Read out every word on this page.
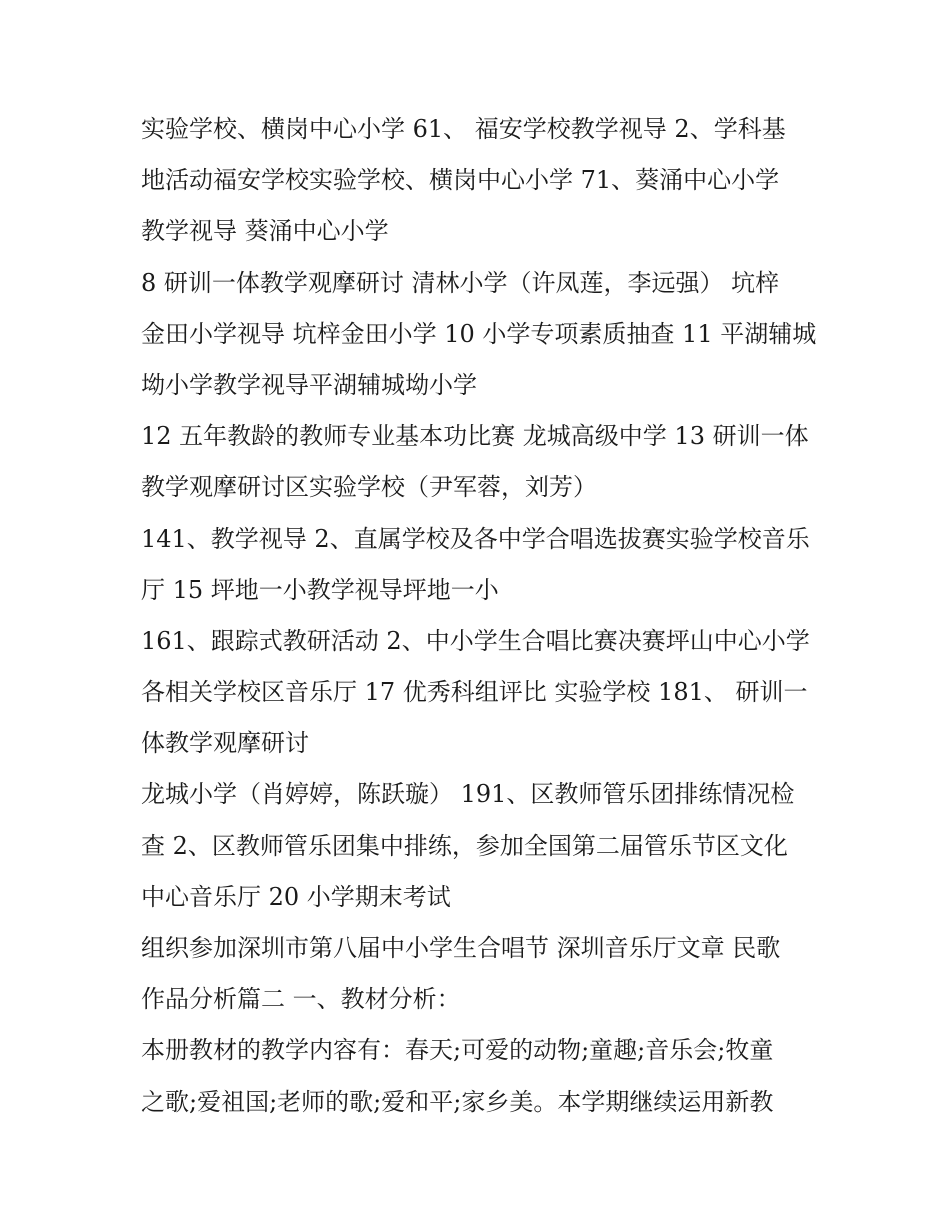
实验学校、横岗中心小学 61、 福安学校教学视导 2、学科基
地活动福安学校实验学校、横岗中心小学 71、葵涌中心小学
教学视导 葵涌中心小学
8 研训一体教学观摩研讨 清林小学（许凤莲，李远强） 坑梓
金田小学视导 坑梓金田小学 10 小学专项素质抽查 11 平湖辅城
坳小学教学视导平湖辅城坳小学
12 五年教龄的教师专业基本功比赛 龙城高级中学 13 研训一体
教学观摩研讨区实验学校（尹军蓉，刘芳）
141、教学视导 2、直属学校及各中学合唱选拔赛实验学校音乐
厅 15 坪地一小教学视导坪地一小
161、跟踪式教研活动 2、中小学生合唱比赛决赛坪山中心小学
各相关学校区音乐厅 17 优秀科组评比 实验学校 181、 研训一
体教学观摩研讨
龙城小学（肖婷婷，陈跃璇） 191、区教师管乐团排练情况检
查 2、区教师管乐团集中排练，参加全国第二届管乐节区文化
中心音乐厅 20 小学期末考试
组织参加深圳市第八届中小学生合唱节 深圳音乐厅文章 民歌
作品分析篇二 一、教材分析：
本册教材的教学内容有：春天;可爱的动物;童趣;音乐会;牧童
之歌;爱祖国;老师的歌;爱和平;家乡美。本学期继续运用新教
